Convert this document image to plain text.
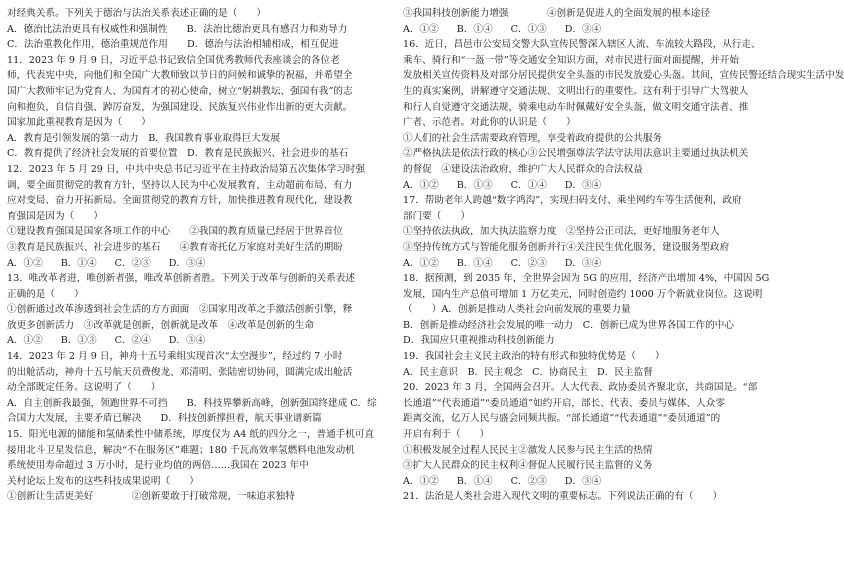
对经典关系。下列关于德治与法治关系表述正确的是（　　）
A．德治比法治更具有权威性和强制性　　B．法治比德治更具有感召力和劝导力
C．法治重教化作用，德治重规范作用　　D．德治与法治相辅相成，相互促进
11．2023 年 9 月 9 日，习近平总书记致信全国优秀教师代表座谈会的各位老
师，代表宪中央，向他们和全国广大教师致以节日的问候和诚挚的祝福，并希望全
国广大教师牢记为党育人、为国育才的初心使命，树立“躬耕教坛、强国有我”的志
向和抱负，自信自强、踔厉奋发，为强国建设、民族复兴伟业作出新的更大贡献。
国家加此重视教育是因为（　　）
A．教育是引领发展的第一动力　B．我国教育事业取得巨大发展
C．教育提供了经济社会发展的首要位置　D．教育是民族振兴、社会进步的基石
12．2023 年 5 月 29 日，中共中央总书记习近平在主持政治局第五次集体学习时强
调，要全面贯彻党的教育方针，坚持以人民为中心发展教育，主动超前布局、有力
应对变局、奋力开拓新局。全面贯彻党的教育方针，加快推进教育现代化，建设教
育强国是因为（　　）
①建设教育强国是国家各项工作的中心　　②我国的教育质量已经居于世界首位
③教育是民族振兴、社会进步的基石　　④教育寄托亿万家庭对美好生活的期盼
A．①② B．①④ C．②③ D．③④
13．唯改革者进，唯创新者强，唯改革创新者胜。下列关于改革与创新的关系表述
正确的是（　　）
①创新通过改革渗透到社会生活的方方面面　②国家用改革之手激活创新引擎，释
放更多创新活力　③改革就是创新，创新就是改革　④改革是创新的生命
A．①② B．①③ C．②④ D．③④
14．2023 年 2 月 9 日，神舟十五号乘组实现首次“太空漫步”，经过约 7 小时
的出舱活动，神舟十五号航天员费俊龙、邓清明、张陆密切协同，圆满完成出舱活
动全部既定任务。这说明了（　　）
A．自主创新我最强，领跑世界不可挡　　B．科技界攀新高峰，创新强国终建成 C．综
合国力大发展，主要矛盾已解决　　D．科技创新撑担着，航天事业谱新篇
15．阳光电源的储能和氢储柔性中储系统，厚度仅为 A4 纸的四分之一，普通手机可直
接用北斗卫星发信息，解决“不在服务区”难题；180 千瓦高效率氢燃料电池发动机
系统使用寿命超过 3 万小时，是行业均值的两倍……我国在 2023 年中
关村论坛上发布的这些科技成果说明（　　）
①创新让生活更美好　　　　②创新要敢于打破常规，一味追求独特
③我国科技创新能力增强　　　　④创新是促进人的全面发展的根本途径
A．①② B．①④ C．①③ D．③④
16．近日，昌邑市公安局交警大队宣传民警深入辖区人流、车流较大路段，从行走、
乘车、骑行和“一盔一带”等交通安全知识方面，对市民进行面对面提醒，并开始
发放相关宣传资料及对部分居民提供安全头盔的市民发放爱心头盔。其间，宣传民警还结合现实生活中发
生的真实案例，讲解遵守交通法规、文明出行的重要性。这有利于引导广大驾驶人
和行人自觉遵守交通法规，骑乘电动车时佩戴好安全头盔，做文明交通守法者、推
广者、示范者。对此你的认识是（　　）
①人们的社会生活需要政府管理，享受着政府提供的公共服务
②严格执法是依法行政的核心③公民增强尊法学法守法用法意识主要通过执法机关
的督促　④建设法治政府，维护广大人民群众的合法权益
A．①② B．①③ C．①④ D．③④
17．帮助老年人跨越“数字鸿沟”，实现扫码支付、乘坐网约车等生活便利，政府
部门要（　　）
①坚持依法执政，加大执法监察力度　②坚持公正司法，更好地服务老年人
③坚持传统方式与智能化服务创新并行④关注民生优化服务，建设服务型政府
A．①② B．①④ C．②③ D．③④
18．据预测，到 2035 年，全世界会因为 5G 的应用，经济产出增加 4%，中国因 5G
发展，国内生产总值可增加 1 万亿美元，同时创造约 1000 万个新就业岗位。这说明
（　　）A．创新是推动人类社会向前发展的重要力量
B．创新是推动经济社会发展的唯一动力　C．创新已成为世界各国工作的中心
D．我国应只重视推动科技创新能力
19．我国社会主义民主政治的特有形式和独特优势是（　　）
A．民主意识　B．民主观念　C．协商民主　D．民主监督
20．2023 年 3 月，全国两会召开。人大代表、政协委员齐聚北京，共商国是。“部
长通道”“代表通道”“委员通道”如约开启，部长、代表、委员与媒体、人众零
距离交流，亿万人民与盛会同频共振。“部长通道”“代表通道”“委员通道”的
开启有利于（　　）
①积极发展全过程人民民主②激发人民参与民主生活的热情
③扩大人民群众的民主权利④督促人民履行民主监督的义务
A．①② B．①④ C．②③ D．③④
21．法治是人类社会进入现代文明的重要标志。下列说法正确的有（　　）
